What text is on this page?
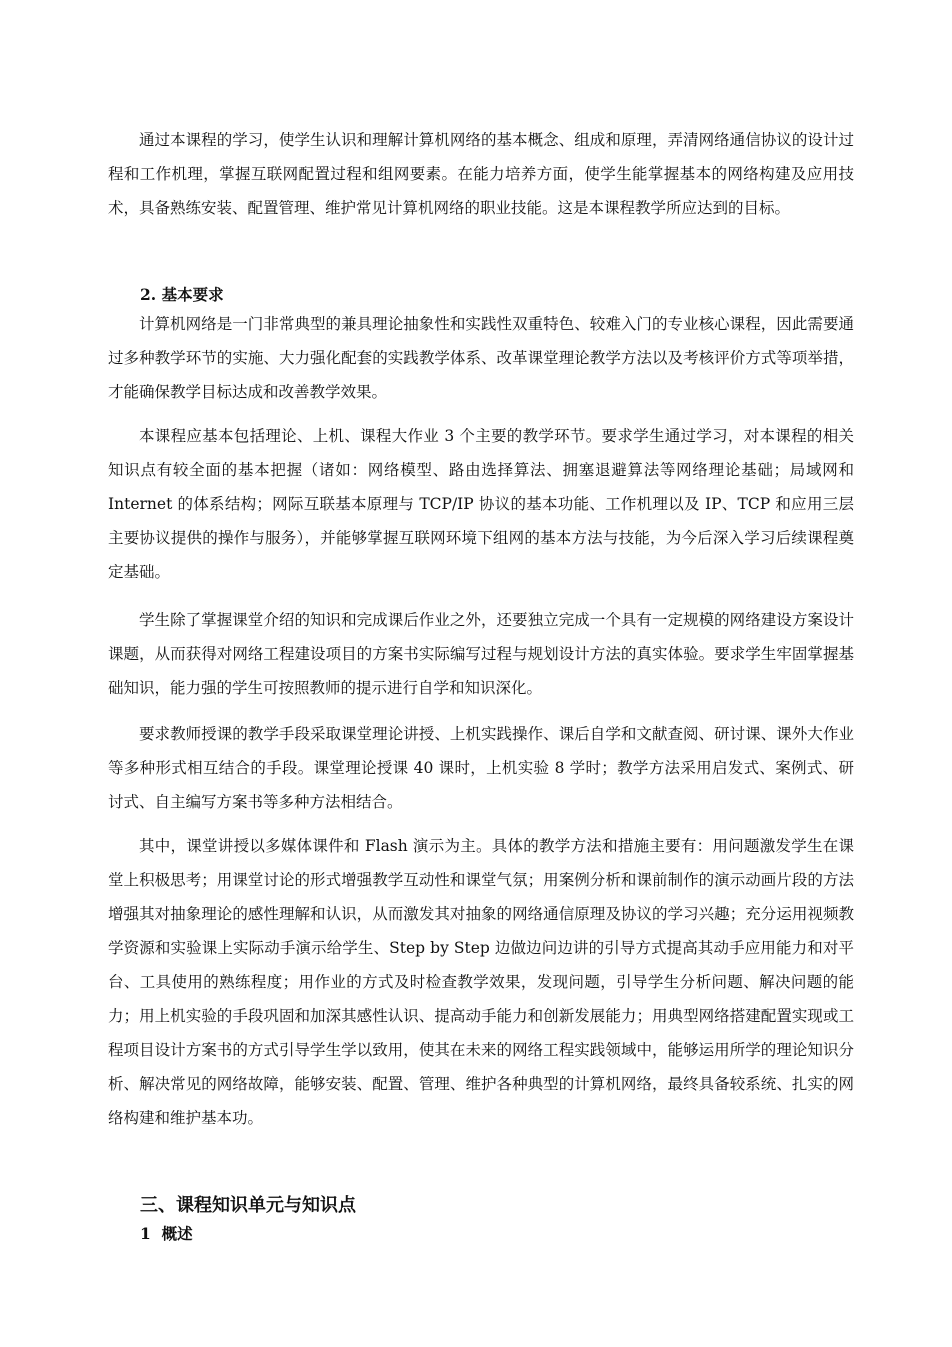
通过本课程的学习，使学生认识和理解计算机网络的基本概念、组成和原理，弄清网络通信协议的设计过程和工作机理，掌握互联网配置过程和组网要素。在能力培养方面，使学生能掌握基本的网络构建及应用技术，具备熟练安装、配置管理、维护常见计算机网络的职业技能。这是本课程教学所应达到的目标。

2. 基本要求

计算机网络是一门非常典型的兼具理论抽象性和实践性双重特色、较难入门的专业核心课程，因此需要通过多种教学环节的实施、大力强化配套的实践教学体系、改革课堂理论教学方法以及考核评价方式等项举措，才能确保教学目标达成和改善教学效果。

本课程应基本包括理论、上机、课程大作业 3 个主要的教学环节。要求学生通过学习，对本课程的相关知识点有较全面的基本把握（诸如：网络模型、路由选择算法、拥塞退避算法等网络理论基础；局域网和 Internet 的体系结构；网际互联基本原理与 TCP/IP 协议的基本功能、工作机理以及 IP、TCP 和应用三层主要协议提供的操作与服务），并能够掌握互联网环境下组网的基本方法与技能，为今后深入学习后续课程奠定基础。

学生除了掌握课堂介绍的知识和完成课后作业之外，还要独立完成一个具有一定规模的网络建设方案设计课题，从而获得对网络工程建设项目的方案书实际编写过程与规划设计方法的真实体验。要求学生牢固掌握基础知识，能力强的学生可按照教师的提示进行自学和知识深化。

要求教师授课的教学手段采取课堂理论讲授、上机实践操作、课后自学和文献查阅、研讨课、课外大作业等多种形式相互结合的手段。课堂理论授课 40 课时，上机实验 8 学时；教学方法采用启发式、案例式、研讨式、自主编写方案书等多种方法相结合。

其中，课堂讲授以多媒体课件和 Flash 演示为主。具体的教学方法和措施主要有：用问题激发学生在课堂上积极思考；用课堂讨论的形式增强教学互动性和课堂气氛；用案例分析和课前制作的演示动画片段的方法增强其对抽象理论的感性理解和认识，从而激发其对抽象的网络通信原理及协议的学习兴趣；充分运用视频教学资源和实验课上实际动手演示给学生、Step by Step 边做边问边讲的引导方式提高其动手应用能力和对平台、工具使用的熟练程度；用作业的方式及时检查教学效果，发现问题，引导学生分析问题、解决问题的能力；用上机实验的手段巩固和加深其感性认识、提高动手能力和创新发展能力；用典型网络搭建配置实现或工程项目设计方案书的方式引导学生学以致用，使其在未来的网络工程实践领域中，能够运用所学的理论知识分析、解决常见的网络故障，能够安装、配置、管理、维护各种典型的计算机网络，最终具备较系统、扎实的网络构建和维护基本功。

三、课程知识单元与知识点
1  概述
